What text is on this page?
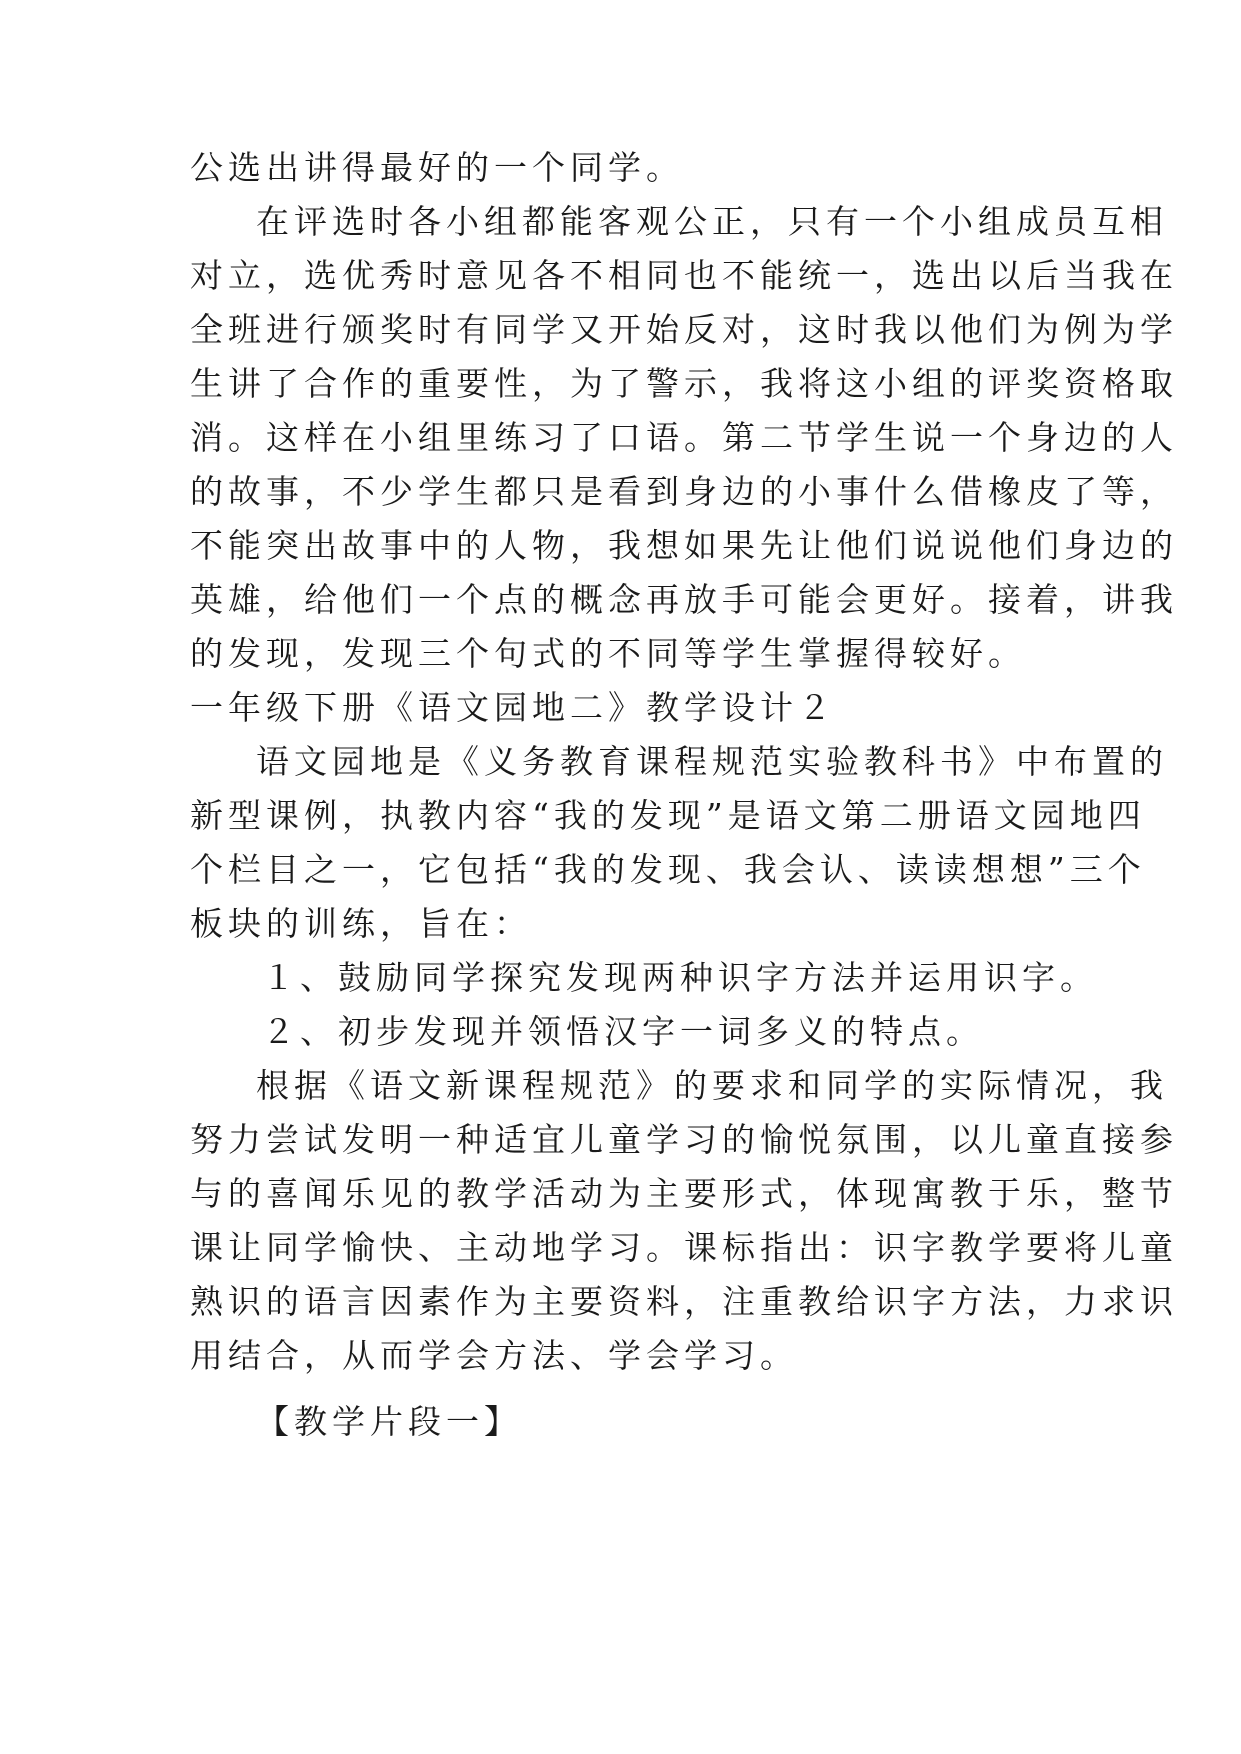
公选出讲得最好的一个同学。
在评选时各小组都能客观公正，只有一个小组成员互相
对立，选优秀时意见各不相同也不能统一，选出以后当我在
全班进行颁奖时有同学又开始反对，这时我以他们为例为学
生讲了合作的重要性，为了警示，我将这小组的评奖资格取
消。这样在小组里练习了口语。第二节学生说一个身边的人
的故事，不少学生都只是看到身边的小事什么借橡皮了等，
不能突出故事中的人物，我想如果先让他们说说他们身边的
英雄，给他们一个点的概念再放手可能会更好。接着，讲我
的发现，发现三个句式的不同等学生掌握得较好。
一年级下册《语文园地二》教学设计２
语文园地是《义务教育课程规范实验教科书》中布置的
新型课例，执教内容“我的发现”是语文第二册语文园地四
个栏目之一，它包括“我的发现、我会认、读读想想”三个
板块的训练，旨在：
１、鼓励同学探究发现两种识字方法并运用识字。
２、初步发现并领悟汉字一词多义的特点。
根据《语文新课程规范》的要求和同学的实际情况，我
努力尝试发明一种适宜儿童学习的愉悦氛围，以儿童直接参
与的喜闻乐见的教学活动为主要形式，体现寓教于乐，整节
课让同学愉快、主动地学习。课标指出：识字教学要将儿童
熟识的语言因素作为主要资料，注重教给识字方法，力求识
用结合，从而学会方法、学会学习。
【教学片段一】
